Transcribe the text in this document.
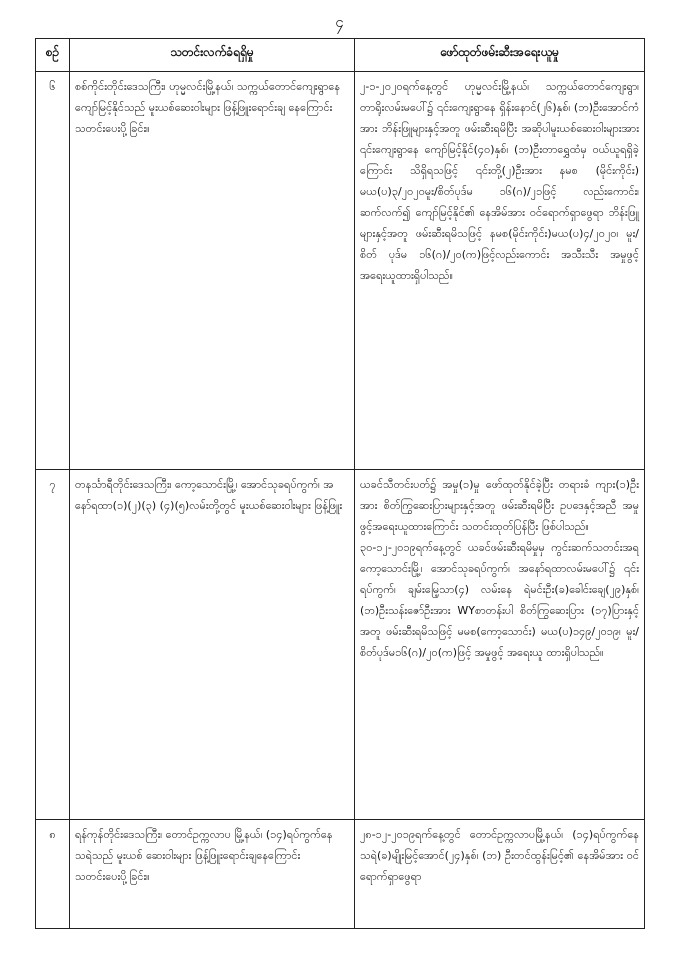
၄
စဉ်	သတင်းလက်ခံရရှိမှု	ဖော်ထုတ်ဖမ်းဆီးအရေးယူမှု
၆	စစ်ကိုင်းတိုင်းဒေသကြီး၊ ဟုမ္မလင်းမြို့နယ်၊ သက္ကယ်တောင်ကျေးရွာနေ ကျော်မြင့်နိုင်သည် မူးယစ်ဆေးဝါးများ ဖြန့်ဖြူးရောင်းချ နေကြောင်း သတင်းပေးပို့ခြင်း။	၂-၁-၂၀၂၀ရက်နေ့တွင် ဟုမ္မလင်းမြို့နယ်၊ သက္ကယ်တောင်ကျေးရွာ၊ တာရိုးလမ်းမပေါ်၌ ၎င်းကျေးရွာနေ ရှိန်းနောင်(၂၆)နှစ်၊ (ဘ)ဦးအောင်ကံအား ဘိန်းဖြူများနှင့်အတူ ဖမ်းဆီးရမိပြီး အဆိုပါမူးယစ်ဆေးဝါးများအား ၎င်းကျေးရွာနေ ကျော်မြင့်နိုင်(၄၀)နှစ်၊ (ဘ)ဦးတာရွှေထံမှ ဝယ်ယူရရှိခဲ့ကြောင်း သိရှိရသဖြင့် ၎င်းတို့(၂)ဦးအား နမစ (မိုင်းကိုင်း) မယ(ပ)၃/၂၀၂၀မူး/စိတ်ပုဒ်မ ၁၆(ဂ)/၂၁ဖြင့် လည်းကောင်း၊ ဆက်လက်၍ ကျော်မြင့်နိုင်၏ နေအိမ်အား ဝင်ရောက်ရှာဖွေရာ ဘိန်းဖြူများနှင့်အတူ ဖမ်းဆီးရမိသဖြင့် နမစ(မိုင်းကိုင်း)မယ(ပ)၄/၂၀၂၀၊ မူး/စိတ် ပုဒ်မ ၁၆(ဂ)/၂၀(က)ဖြင့်လည်းကောင်း အသီးသီး အမှုဖွင့် အရေးယူထားရှိပါသည်။

၇	တနင်္သာရီတိုင်းဒေသကြီး၊ ကော့သောင်းမြို့၊ အောင်သုခရပ်ကွက်၊ အနော်ရထာ(၁)(၂)(၃) (၄)(၅)လမ်းတို့တွင် မူးယစ်ဆေးဝါးများ ဖြန့်ဖြူး	ယခင်သီတင်းပတ်၌ အမှု(၁)မှု ဖော်ထုတ်နိုင်ခဲ့ပြီး တရားခံ ကျား(၁)ဦးအား စိတ်ကြွဆေးပြားများနှင့်အတူ ဖမ်းဆီးရမိပြီး ဥပဒေနှင့်အညီ အမှုဖွင့်အရေးယူထားကြောင်း သတင်းထုတ်ပြန်ပြီး ဖြစ်ပါသည်။

၃၀-၁၂-၂၀၁၉ရက်နေ့တွင် ယခင်ဖမ်းဆီးရမိမှုမှ ကွင်းဆက်သတင်းအရ ကော့သောင်းမြို့၊ အောင်သုခရပ်ကွက်၊ အနော်ရထာလမ်းမပေါ်၌ ၎င်းရပ်ကွက်၊ ချမ်းမြေ့သာ(၄) လမ်းနေ ရဲမင်းဦး(ခ)ခေါင်းချေ(၂၉)နှစ်၊ (ဘ)ဦးသန်းဇော်ဦးအား WYစာတန်းပါ စိတ်ကြွဆေးပြား (၁၇)ပြားနှင့်အတူ ဖမ်းဆီးရမိသဖြင့် မမစ(ကော့သောင်း) မယ(ပ)၁၄၉/၂၀၁၉၊ မူး/စိတ်ပုဒ်မ၁၆(ဂ)/၂၀(က)ဖြင့် အမှုဖွင့် အရေးယူ ထားရှိပါသည်။

၈	ရန်ကုန်တိုင်းဒေသကြီး၊ တောင်ဥက္ကလာပ မြို့နယ်၊ (၁၄)ရပ်ကွက်နေ သရဲသည် မူးယစ် ဆေးဝါးများ ဖြန့်ဖြူးရောင်းချနေကြောင်း သတင်းပေးပို့ခြင်း။	၂၈-၁၂-၂၀၁၉ရက်နေ့တွင် တောင်ဥက္ကလာပမြို့နယ်၊ (၁၄)ရပ်ကွက်နေ သရဲ(ခ)မျိုးမြင့်အောင်(၂၄)နှစ်၊ (ဘ) ဦးတင်ထွန်းမြင့်၏ နေအိမ်အား ဝင်ရောက်ရှာဖွေရာ
